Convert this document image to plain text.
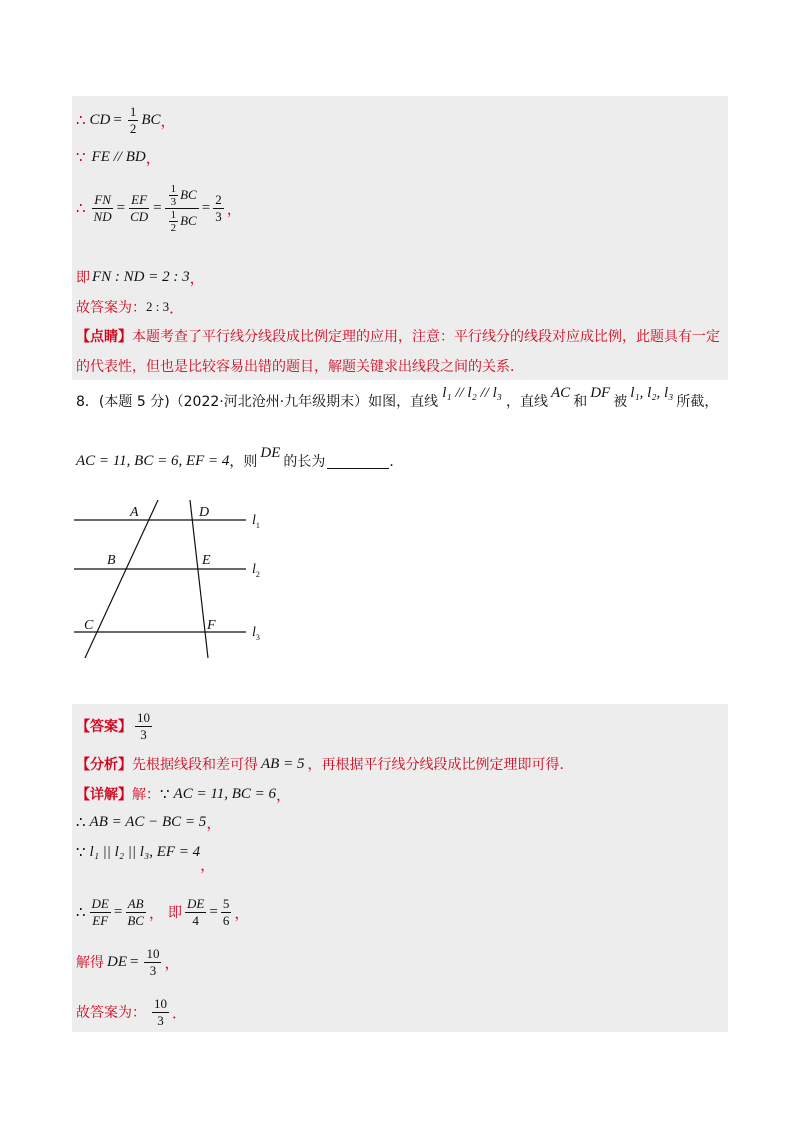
∴ CD = $\frac{1}{2}$ BC ，
∵ FE // BD ，
∴ $\frac{FN}{ND} = \frac{EF}{CD} = \frac{\frac{1}{3} BC}{\frac{1}{2} BC} = \frac{2}{3}$ ，
即 FN : ND = 2 : 3 ，
故答案为： 2 : 3 ．
【点睛】本题考查了平行线分线段成比例定理的应用，注意：平行线分的线段对应成比例，此题具有一定
的代表性，但也是比较容易出错的题目，解题关键求出线段之间的关系．
8． (本题 5 分)（2022·河北沧州·九年级期末）如图，直线
l₁ // l₂ // l₃
，直线
AC
和
DF
被
l₁, l₂, l₃
所截，
AC = 11, BC = 6, EF = 4 ，则
DE
的长为	．
A	D
B	E
C	F
$l_1$
$l_2$
$l_3$
【答案】 $\frac{10}{3}$
【分析】 先根据线段和差可得 AB = 5 ，再根据平行线分线段成比例定理即可得．
【详解】 解： ∵ AC = 11, BC = 6 ，
∴ AB = AC − BC = 5 ，
∵ l₁ || l₂ || l₃, EF = 4
，
∴ $\frac{DE}{EF} = \frac{AB}{BC}$ ， 即 $\frac{DE}{4} = \frac{5}{6}$ ，
解得 DE = $\frac{10}{3}$ ，
故答案为： $\frac{10}{3}$ ．
